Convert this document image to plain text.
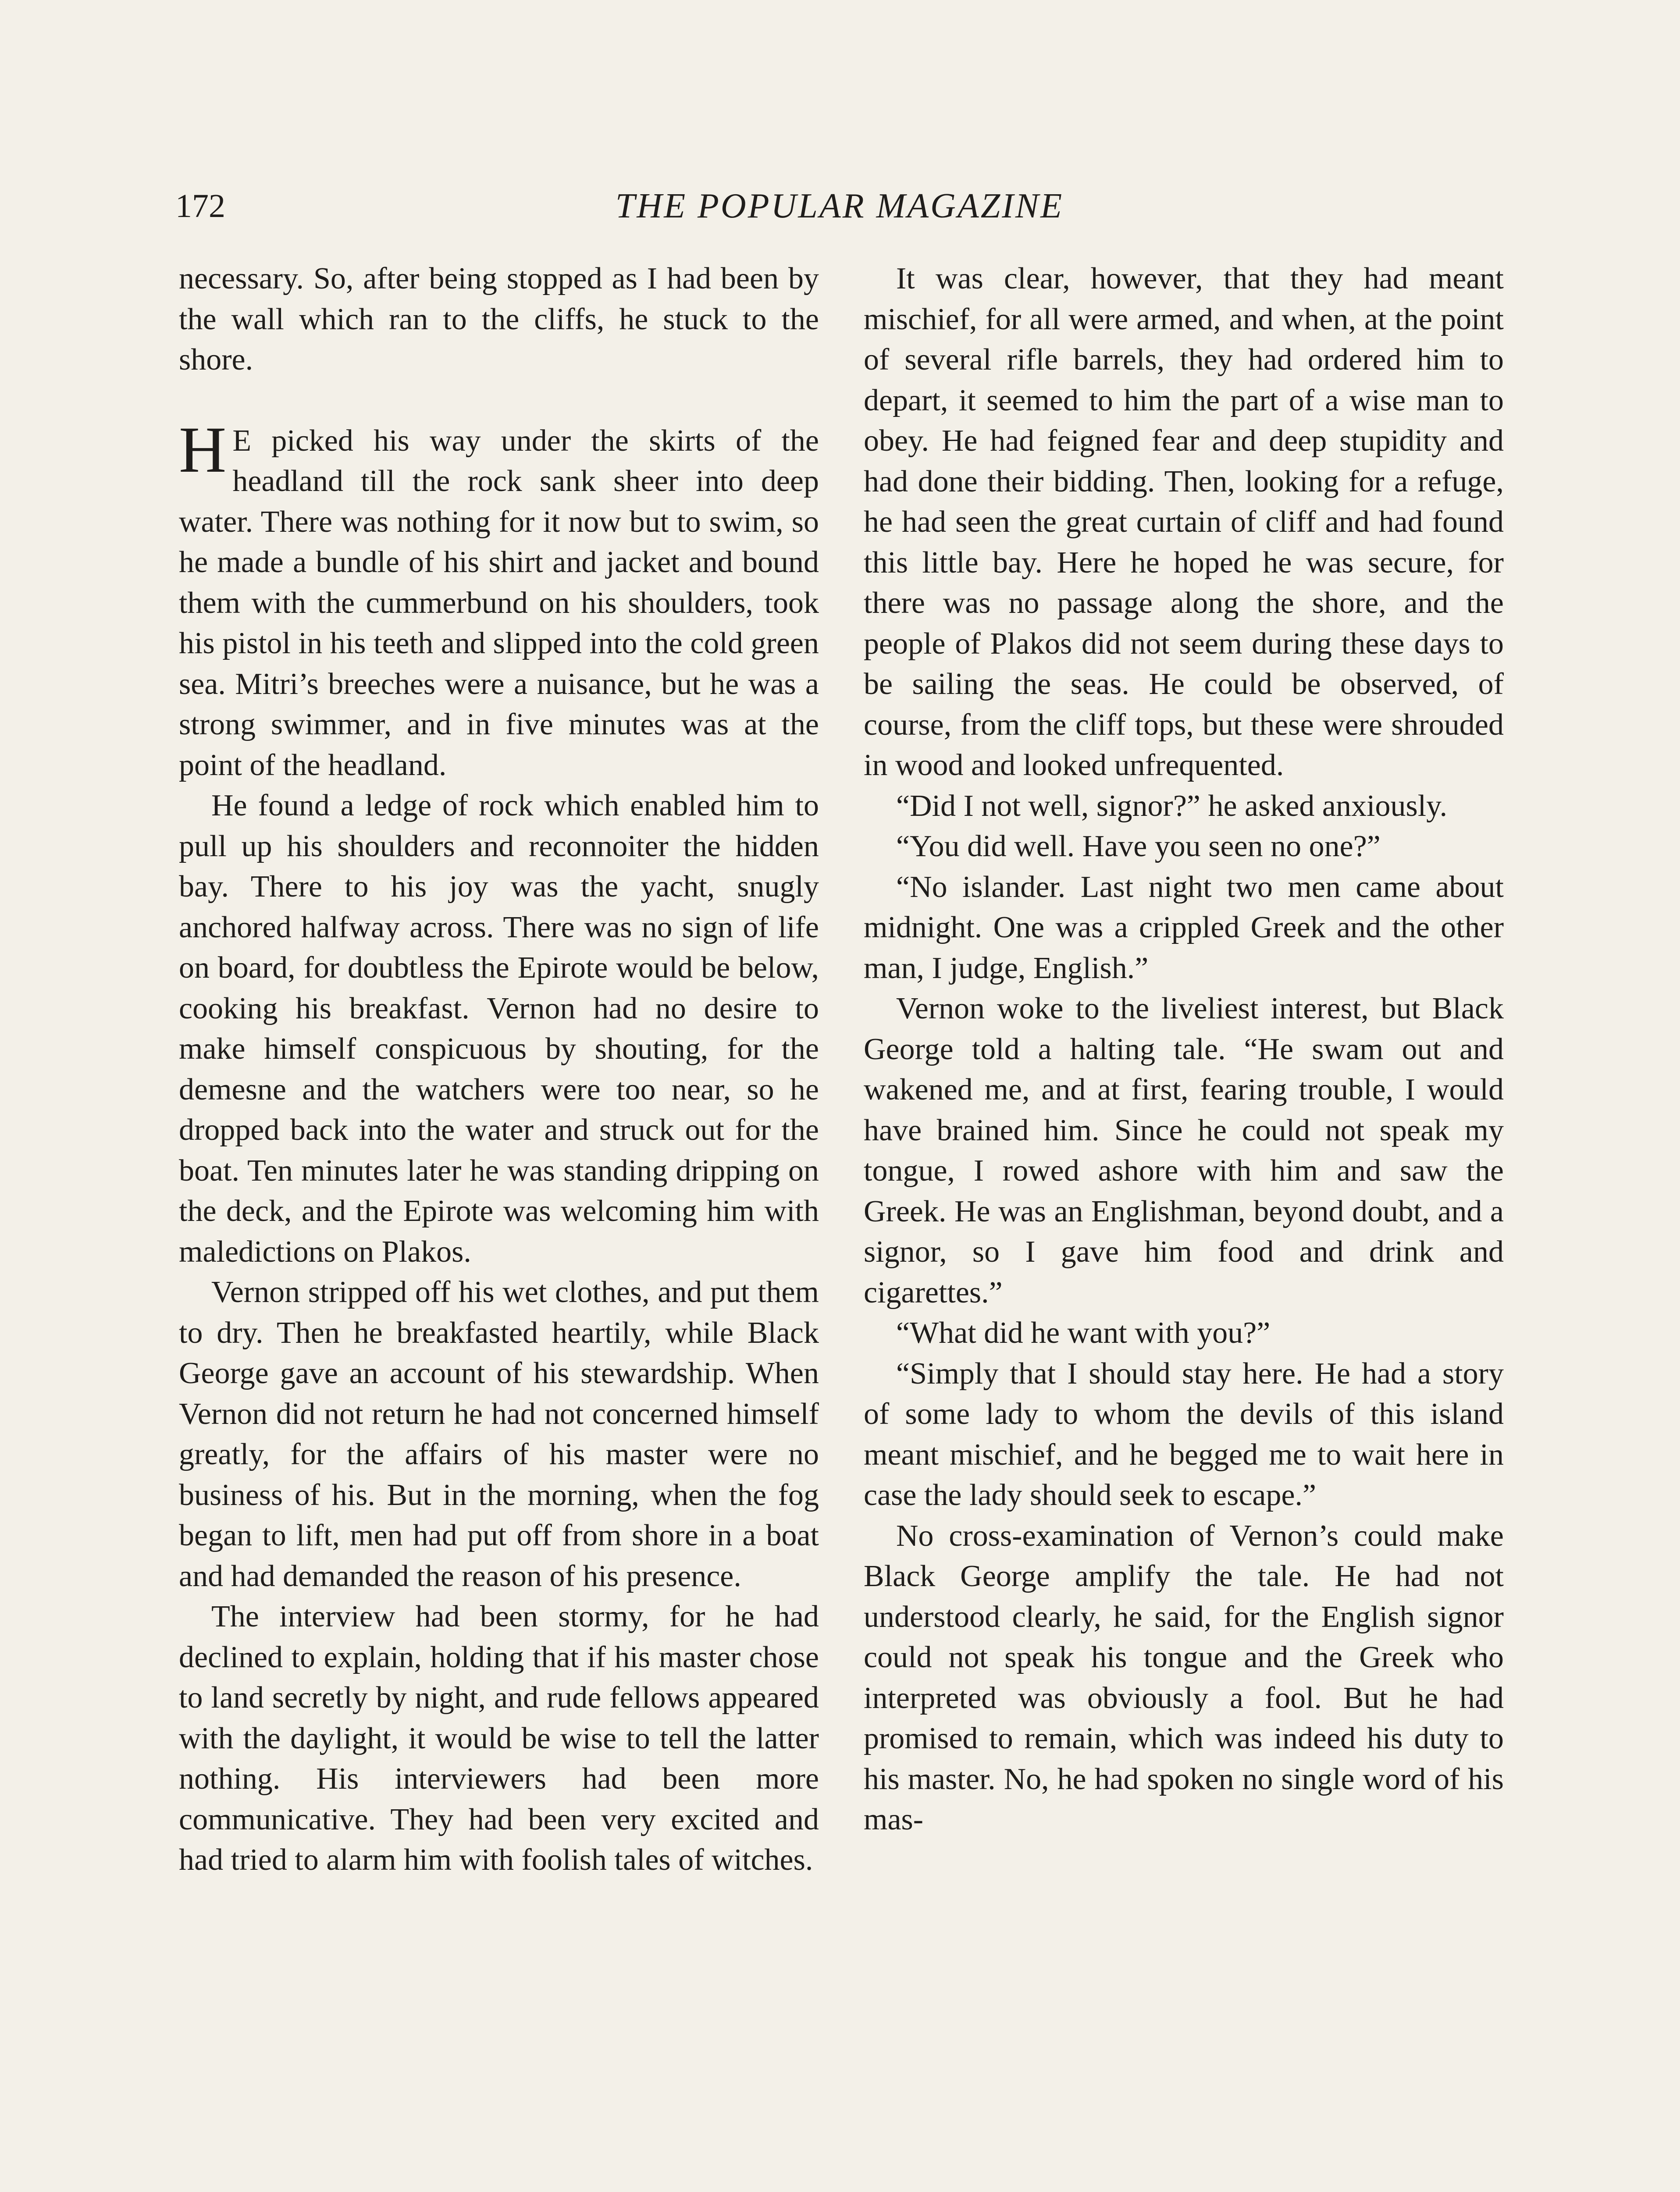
172	THE POPULAR MAGAZINE

necessary. So, after being stopped as I had been by the wall which ran to the cliffs, he stuck to the shore.

H E picked his way under the skirts of the headland till the rock sank sheer into deep water. There was nothing for it now but to swim, so he made a bundle of his shirt and jacket and bound them with the cummerbund on his shoulders, took his pistol in his teeth and slipped into the cold green sea. Mitri’s breeches were a nuisance, but he was a strong swimmer, and in five minutes was at the point of the headland.

He found a ledge of rock which enabled him to pull up his shoulders and reconnoiter the hidden bay. There to his joy was the yacht, snugly anchored halfway across. There was no sign of life on board, for doubtless the Epirote would be below, cooking his breakfast. Vernon had no desire to make himself conspicuous by shouting, for the demesne and the watchers were too near, so he dropped back into the water and struck out for the boat. Ten minutes later he was standing dripping on the deck, and the Epirote was welcoming him with maledictions on Plakos.

Vernon stripped off his wet clothes, and put them to dry. Then he breakfasted heartily, while Black George gave an account of his stewardship. When Vernon did not return he had not concerned himself greatly, for the affairs of his master were no business of his. But in the morning, when the fog began to lift, men had put off from shore in a boat and had demanded the reason of his presence.

The interview had been stormy, for he had declined to explain, holding that if his master chose to land secretly by night, and rude fellows appeared with the daylight, it would be wise to tell the latter nothing. His interviewers had been more communicative. They had been very excited and had tried to alarm him with foolish tales of witches.

It was clear, however, that they had meant mischief, for all were armed, and when, at the point of several rifle barrels, they had ordered him to depart, it seemed to him the part of a wise man to obey. He had feigned fear and deep stupidity and had done their bidding. Then, looking for a refuge, he had seen the great curtain of cliff and had found this little bay. Here he hoped he was secure, for there was no passage along the shore, and the people of Plakos did not seem during these days to be sailing the seas. He could be observed, of course, from the cliff tops, but these were shrouded in wood and looked unfrequented.

“Did I not well, signor?” he asked anxiously.

“You did well. Have you seen no one?”

“No islander. Last night two men came about midnight. One was a crippled Greek and the other man, I judge, English.”

Vernon woke to the liveliest interest, but Black George told a halting tale. “He swam out and wakened me, and at first, fearing trouble, I would have brained him. Since he could not speak my tongue, I rowed ashore with him and saw the Greek. He was an Englishman, beyond doubt, and a signor, so I gave him food and drink and cigarettes.”

“What did he want with you?”

“Simply that I should stay here. He had a story of some lady to whom the devils of this island meant mischief, and he begged me to wait here in case the lady should seek to escape.”

No cross-examination of Vernon’s could make Black George amplify the tale. He had not understood clearly, he said, for the English signor could not speak his tongue and the Greek who interpreted was obviously a fool. But he had promised to remain, which was indeed his duty to his master. No, he had spoken no single word of his mas-
